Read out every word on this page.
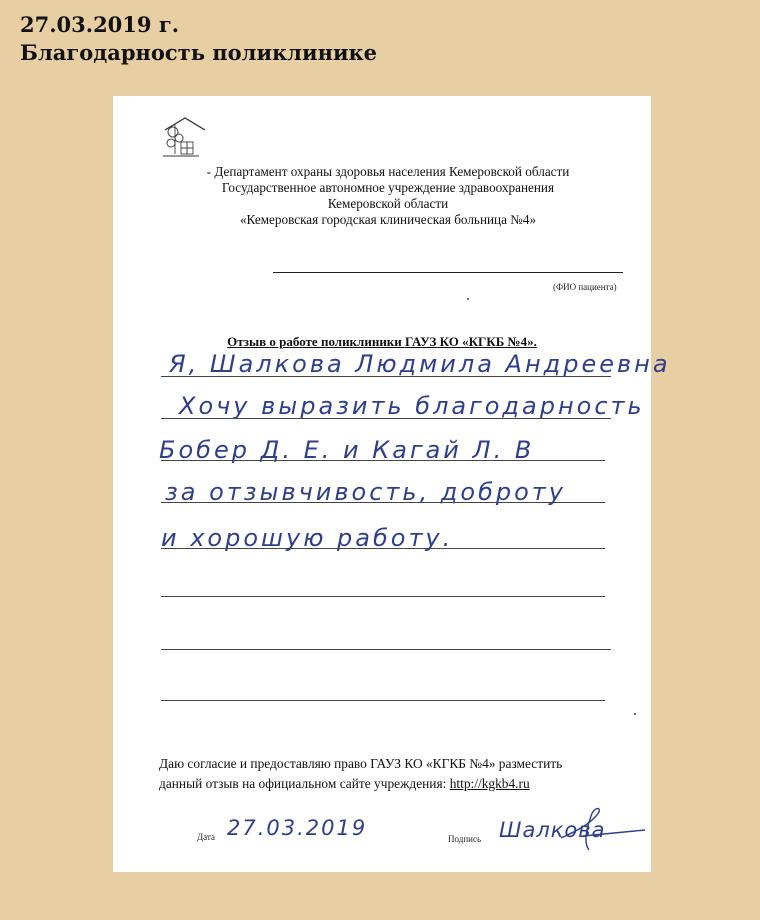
27.03.2019 г.
Благодарность поликлинике
- Департамент охраны здоровья населения Кемеровской области
Государственное автономное учреждение здравоохранения
Кемеровской области
«Кемеровская городская клиническая больница №4»
(ФИО пациента)
Отзыв о работе поликлиники ГАУЗ КО «КГКБ №4».
Я, Шалкова Людмила Андреевна
Хочу выразить благодарность
Бобер Д. Е. и Кагай Л. В
за отзывчивость, доброту
и хорошую работу.
Даю согласие и предоставляю право ГАУЗ КО «КГКБ №4» разместить
данный отзыв на официальном сайте учреждения: http://kgkb4.ru
Дата 27.03.2019	Подпись Шалкова
